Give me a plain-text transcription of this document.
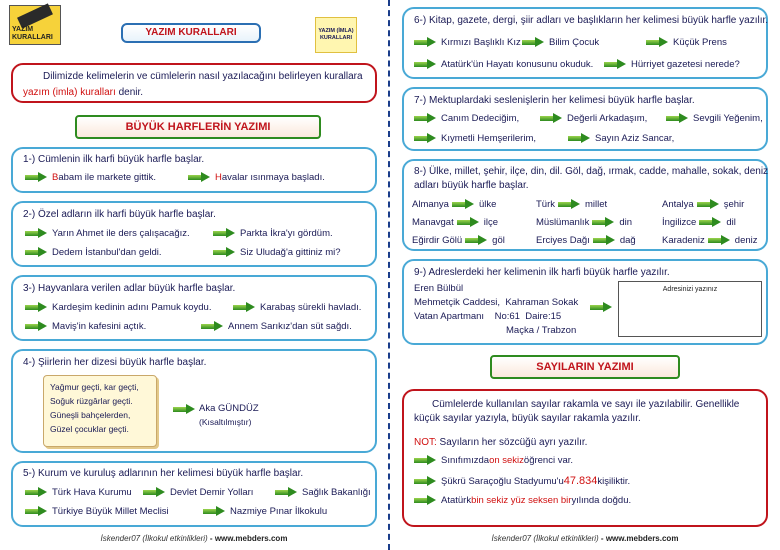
YAZIM KURALLARI	YAZIM KURALLARI	YAZIM (İMLA) KURALLARI
Dilimizde kelimelerin ve cümlelerin nasıl yazılacağını belirleyen kurallara
yazım (imla) kuralları denir.
BÜYÜK HARFLERİN YAZIMI
1-) Cümlenin ilk harfi büyük harfle başlar.
B abam ile markete gittik.	H avalar ısınmaya başladı.
2-) Özel adların ilk harfi büyük harfle başlar.
Yarın Ahmet ile ders çalışacağız.	Parkta İkra'yı gördüm.
Dedem İstanbul'dan geldi.	Siz Uludağ'a gittiniz mi?
3-) Hayvanlara verilen adlar büyük harfle başlar.
Kardeşim kedinin adını Pamuk koydu.	Karabaş sürekli havladı.
Maviş'in kafesini açtık.	Annem Sarıkız'dan süt sağdı.
4-) Şiirlerin her dizesi büyük harfle başlar.
Yağmur geçti, kar geçti,
Soğuk rüzgârlar geçti.
Güneşli bahçelerden,
Güzel çocuklar geçti.
Aka GÜNDÜZ
(Kısaltılmıştır)
5-) Kurum ve kuruluş adlarının her kelimesi büyük harfle başlar.
Türk Hava Kurumu	Devlet Demir Yolları	Sağlık Bakanlığı
Türkiye Büyük Millet Meclisi	Nazmiye Pınar İlkokulu
İskender07 (İlkokul etkinlikleri) - www.mebders.com
6-) Kitap, gazete, dergi, şiir adları ve başlıkların her kelimesi büyük harfle yazılır.
Kırmızı Başlıklı Kız	Bilim Çocuk	Küçük Prens
Atatürk'ün Hayatı konusunu okuduk.	Hürriyet gazetesi nerede?
7-) Mektuplardaki seslenişlerin her kelimesi büyük harfle başlar.
Canım Dedeciğim,	Değerli Arkadaşım,	Sevgili Yeğenim,
Kıymetli Hemşerilerim,	Sayın Aziz Sancar,
8-) Ülke, millet, şehir, ilçe, din, dil. Göl, dağ, ırmak, cadde, mahalle, sokak, deniz
adları büyük harfle başlar.
Almanya	ülke	Türk	millet	Antalya	şehir
Manavgat	ilçe	Müslümanlık	din	İngilizce	dil
Eğirdir Gölü	göl	Erciyes Dağı	dağ	Karadeniz	deniz
9-) Adreslerdeki her kelimenin ilk harfi büyük harfle yazılır.
Eren Bülbül
Mehmetçik Caddesi,  Kahraman Sokak
Vatan Apartmanı    No:61  Daire:15
Maçka / Trabzon
Adresinizi yazınız
SAYILARIN YAZIMI
Cümlelerde kullanılan sayılar rakamla ve sayı ile yazılabilir. Genellikle
küçük sayılar yazıyla, büyük sayılar rakamla yazılır.
NOT: Sayıların her sözcüğü ayrı yazılır.
Sınıfımızda on sekiz öğrenci var.
Şükrü Saraçoğlu Stadyumu'u 47.834 kişiliktir.
Atatürk bin sekiz yüz seksen bir yılında doğdu.
İskender07 (İlkokul etkinlikleri) - www.mebders.com
